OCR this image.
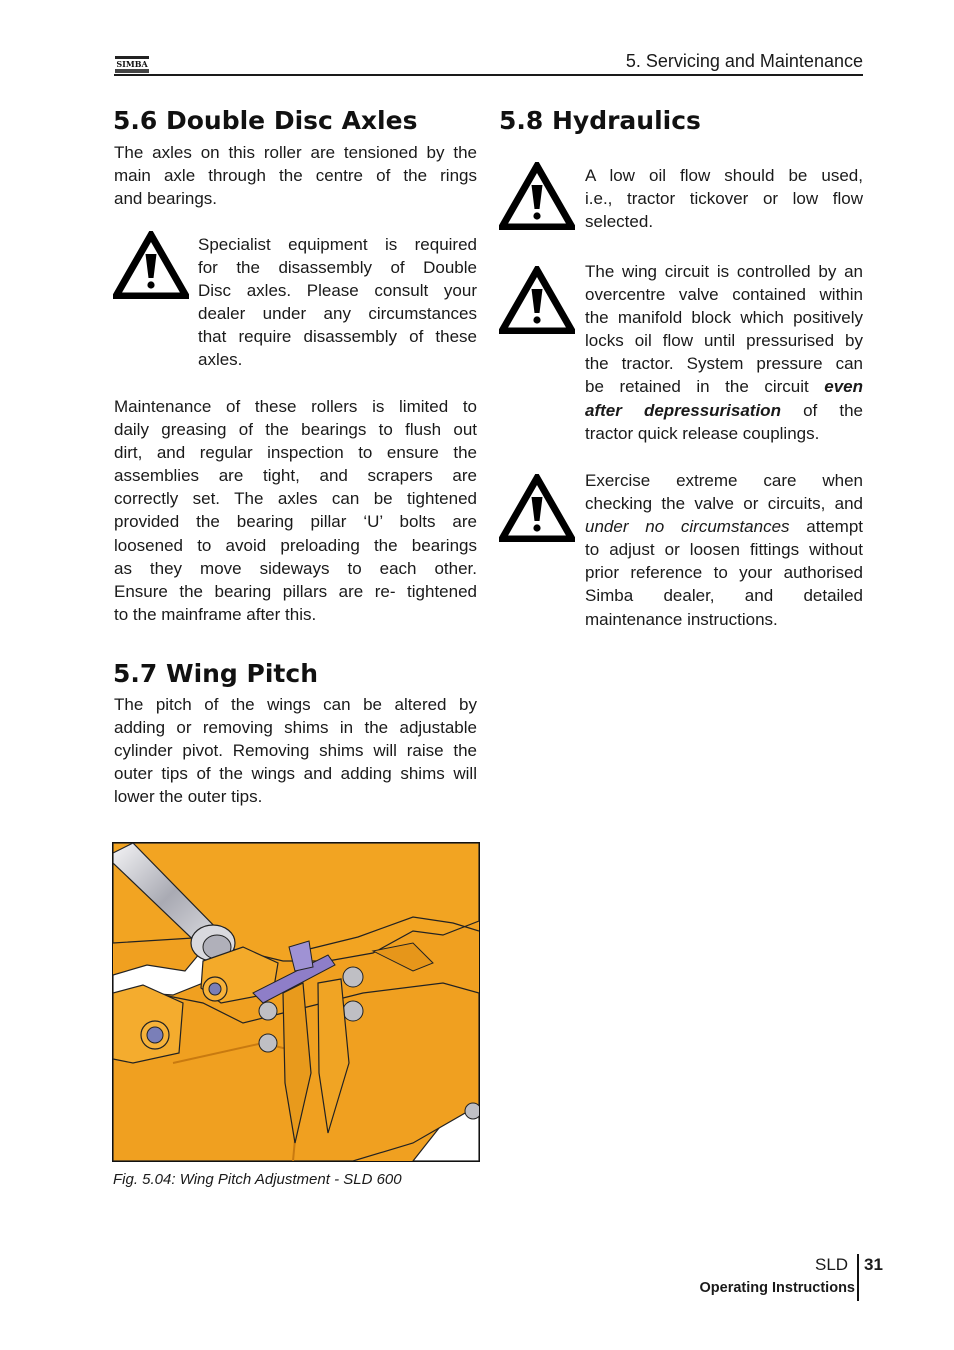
SIMBA	5. Servicing and Maintenance
5.6 Double Disc Axles
The axles on this roller are tensioned by the
main axle through the centre of the rings
and bearings.
Specialist equipment is required
for the disassembly of Double
Disc axles. Please consult your
dealer under any circumstances
that require disassembly of these
axles.
Maintenance of these rollers is limited to
daily greasing of the bearings to flush out
dirt, and regular inspection to ensure the
assemblies are tight, and scrapers are
correctly set. The axles can be tightened
provided the bearing pillar ‘U’ bolts are
loosened to avoid preloading the bearings
as they move sideways to each other.
Ensure the bearing pillars are re- tightened
to the mainframe after this.
5.7 Wing Pitch
The pitch of the wings can be altered by
adding or removing shims in the adjustable
cylinder pivot. Removing shims will raise the
outer tips of the wings and adding shims will
lower the outer tips.
Fig. 5.04: Wing Pitch Adjustment - SLD 600
5.8 Hydraulics
A low oil flow should be used,
i.e., tractor tickover or low flow
selected.
The wing circuit is controlled by an
overcentre valve contained within
the manifold block which positively
locks oil flow until pressurised by
the tractor. System pressure can
be retained in the circuit even
after depressurisation of the
tractor quick release couplings.
Exercise extreme care when
checking the valve or circuits, and
under no circumstances attempt
to adjust or loosen fittings without
prior reference to your authorised
Simba dealer, and detailed
maintenance instructions.
SLD 31
Operating Instructions
